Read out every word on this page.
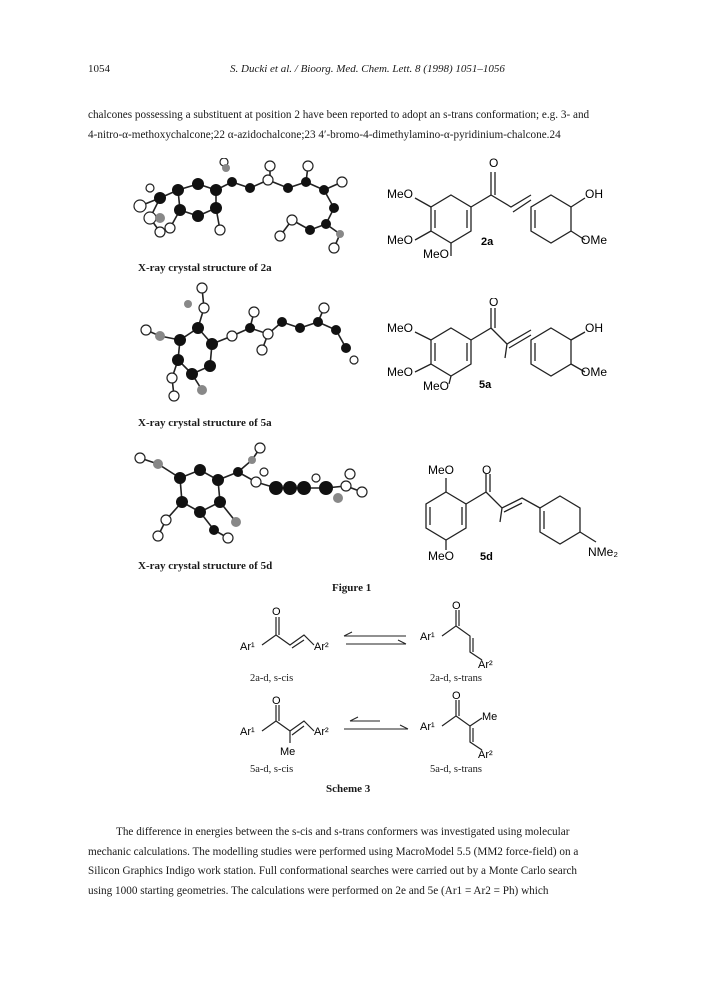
1054	S. Ducki et al. / Bioorg. Med. Chem. Lett. 8 (1998) 1051–1056
chalcones possessing a substituent at position 2 have been reported to adopt an s-trans conformation; e.g. 3- and
4-nitro-α-methoxychalcone;22 α-azidochalcone;23 4′-bromo-4-dimethylamino-α-pyridinium-chalcone.24
X-ray crystal structure of 2a
O
MeO
MeO
MeO
OH
OMe
2a
X-ray crystal structure of 5a
O
MeO
MeO
MeO
OH
OMe
5a
X-ray crystal structure of 5d
MeO O
MeO	NMe₂
5d
Figure 1
O
Ar¹	Ar²
2a-d, s-cis
O
Ar¹
Ar²
2a-d, s-trans
O
Ar¹	Ar²
Me
5a-d, s-cis
O
Ar¹
Me
Ar²
5a-d, s-trans
Scheme 3
The difference in energies between the s-cis and s-trans conformers was investigated using molecular
mechanic calculations. The modelling studies were performed using MacroModel 5.5 (MM2 force-field) on a
Silicon Graphics Indigo work station. Full conformational searches were carried out by a Monte Carlo search
using 1000 starting geometries. The calculations were performed on 2e and 5e (Ar1 = Ar2 = Ph) which
